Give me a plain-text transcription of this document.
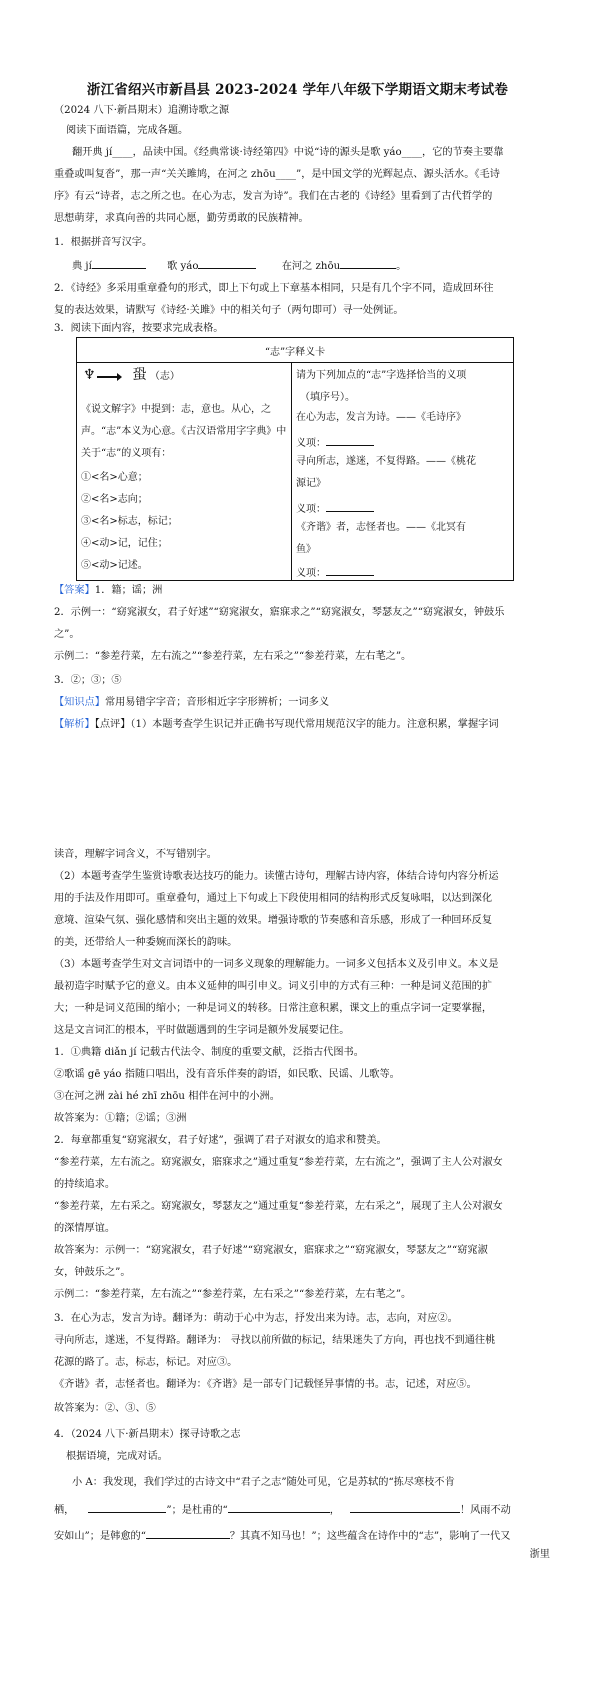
浙江省绍兴市新昌县 2023-2024 学年八年级下学期语文期末考试卷
（2024 八下·新昌期末）追溯诗歌之源
阅读下面语篇，完成各题。
翻开典 jí____，品读中国。《经典常谈·诗经第四》中说“诗的源头是歌 yáo____，它的节奏主要靠
重叠或叫复沓”，那一声“关关雎鸠，在河之 zhōu____”，是中国文学的光辉起点、源头活水。《毛诗
序》有云“诗者，志之所之也。在心为志，发言为诗”。我们在古老的《诗经》里看到了古代哲学的
思想萌芽，求真向善的共同心愿，勤劳勇敢的民族精神。
1．根据拼音写汉字。
典 jí	歌 yáo	在河之 zhōu	。
2．《诗经》多采用重章叠句的形式，即上下句或上下章基本相同，只是有几个字不同，造成回环往
复的表达效果，请默写《诗经·关雎》中的相关句子（两句即可）寻一处例证。
3．阅读下面内容，按要求完成表格。
“志”字释义卡

♆	蛩 （志）
《说文解字》中提到：志，意也。从心，之
声。“志”本义为心意。《古汉语常用字字典》中
关于“志”的义项有：
①<名>心意；
②<名>志向；
③<名>标志，标记；
④<动>记，记住；
⑤<动>记述。

请为下列加点的“志”字选择恰当的义项
（填序号）。
在心为志，发言为诗。——《毛诗序》
义项：
寻向所志，遂迷，不复得路。——《桃花
源记》
义项：
《齐谐》者，志怪者也。——《北冥有
鱼》
义项：
【答案】1．籍；谣；洲
2．示例一：“窈窕淑女，君子好逑”“窈窕淑女，寤寐求之”“窈窕淑女，琴瑟友之”“窈窕淑女，钟鼓乐
之”。
示例二：“参差荇菜，左右流之”“参差荇菜，左右采之”“参差荇菜，左右芼之”。
3．②；③；⑤
【知识点】常用易错字字音；音形相近字字形辨析；一词多义
【解析】【点评】（1）本题考查学生识记并正确书写现代常用规范汉字的能力。注意积累，掌握字词
读音，理解字词含义，不写错别字。
（2）本题考查学生鉴赏诗歌表达技巧的能力。读懂古诗句，理解古诗内容，体结合诗句内容分析运
用的手法及作用即可。重章叠句，通过上下句或上下段使用相同的结构形式反复咏唱，以达到深化
意境、渲染气氛、强化感情和突出主题的效果。增强诗歌的节奏感和音乐感，形成了一种回环反复
的美，还带给人一种委婉而深长的韵味。
（3）本题考查学生对文言词语中的一词多义现象的理解能力。一词多义包括本义及引申义。本义是
最初造字时赋予它的意义。由本义延伸的叫引申义。词义引申的方式有三种：一种是词义范围的扩
大；一种是词义范围的缩小；一种是词义的转移。日常注意积累，课文上的重点字词一定要掌握，
这是文言词汇的根本，平时做题遇到的生字词是额外发展要记住。
1．①典籍 diǎn jí 记载古代法令、制度的重要文献，泛指古代图书。
②歌谣 gē yáo 指随口唱出，没有音乐伴奏的韵语，如民歌、民谣、儿歌等。
③在河之洲 zài hé zhī zhōu 相伴在河中的小洲。
故答案为：①籍；②谣；③洲
2．每章都重复“窈窕淑女，君子好逑”，强调了君子对淑女的追求和赞美。
“参差荇菜，左右流之。窈窕淑女，寤寐求之”通过重复“参差荇菜，左右流之”，强调了主人公对淑女
的持续追求。
“参差荇菜，左右采之。窈窕淑女，琴瑟友之”通过重复“参差荇菜，左右采之”，展现了主人公对淑女
的深情厚谊。
故答案为：示例一：“窈窕淑女，君子好逑”“窈窕淑女，寤寐求之”“窈窕淑女，琴瑟友之”“窈窕淑
女，钟鼓乐之”。
示例二：“参差荇菜，左右流之”“参差荇菜，左右采之”“参差荇菜，左右芼之”。
3．在心为志，发言为诗。翻译为：萌动于心中为志，抒发出来为诗。志，志向，对应②。
寻向所志，遂迷，不复得路。翻译为： 寻找以前所做的标记，结果迷失了方向，再也找不到通往桃
花源的路了。志，标志，标记。对应③。
《齐谐》者，志怪者也。翻译为：《齐谐》是一部专门记载怪异事情的书。志，记述，对应⑤。
故答案为：②、③、⑤
4．（2024 八下·新昌期末）探寻诗歌之志
根据语境，完成对话。
小 A：我发现，我们学过的古诗文中“君子之志”随处可见，它是苏轼的“拣尽寒枝不肯
栖，	”；是杜甫的“	，	！风雨不动
安如山”；是韩愈的“	？其真不知马也！”；这些蕴含在诗作中的“志”，影响了一代又
浙里
